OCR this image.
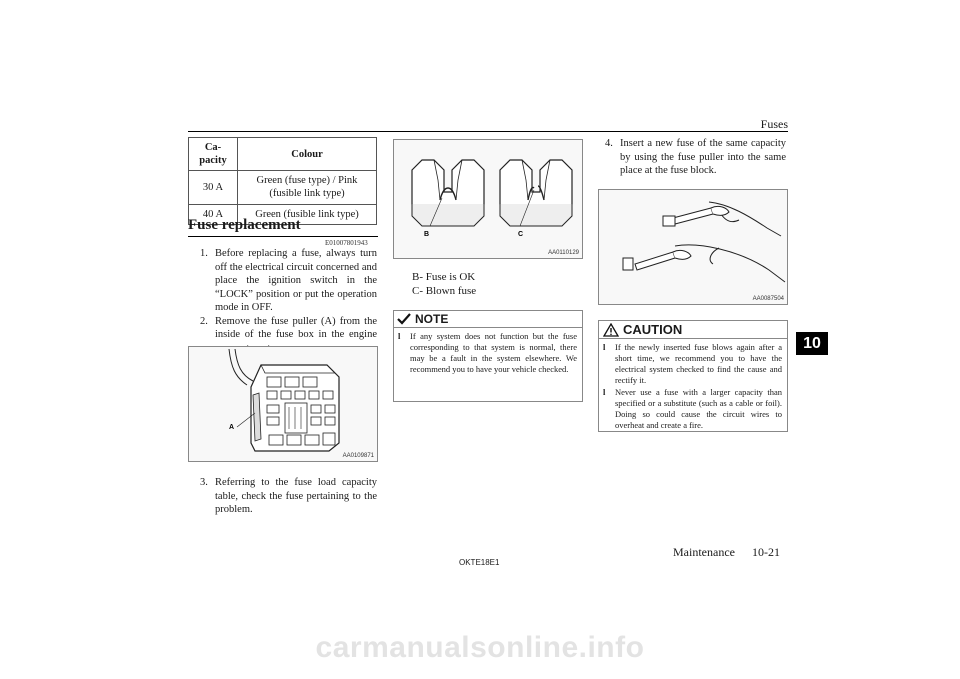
Fuses
Ca-
pacity	Colour
30 A	Green (fuse type) / Pink (fusible link type)
40 A	Green (fusible link type)
Fuse replacement
E01007801943

1. Before replacing a fuse, always turn off the electrical circuit concerned and place the ignition switch in the “LOCK” position or put the operation mode in OFF.

2. Remove the fuse puller (A) from the inside of the fuse box in the engine

A
AA0109871

3. Referring to the fuse load capacity table, check the fuse pertaining to the problem.

B	C
AA0110129
B- Fuse is OK
C- Blown fuse
NOTE
l If any system does not function but the fuse corresponding to that system is normal, there may be a fault in the system elsewhere. We recommend you to have your vehicle checked.

4. Insert a new fuse of the same capacity by using the fuse puller into the same place at the fuse block.

AA0087504
CAUTION
l If the newly inserted fuse blows again after a short time, we recommend you to have the electrical system checked to find the cause and rectify it.
l Never use a fuse with a larger capacity than specified or a substitute (such as a cable or foil). Doing so could cause the circuit wires to overheat and create a fire.
10
OKTE18E1
Maintenance 10-21
carmanualsonline.info
